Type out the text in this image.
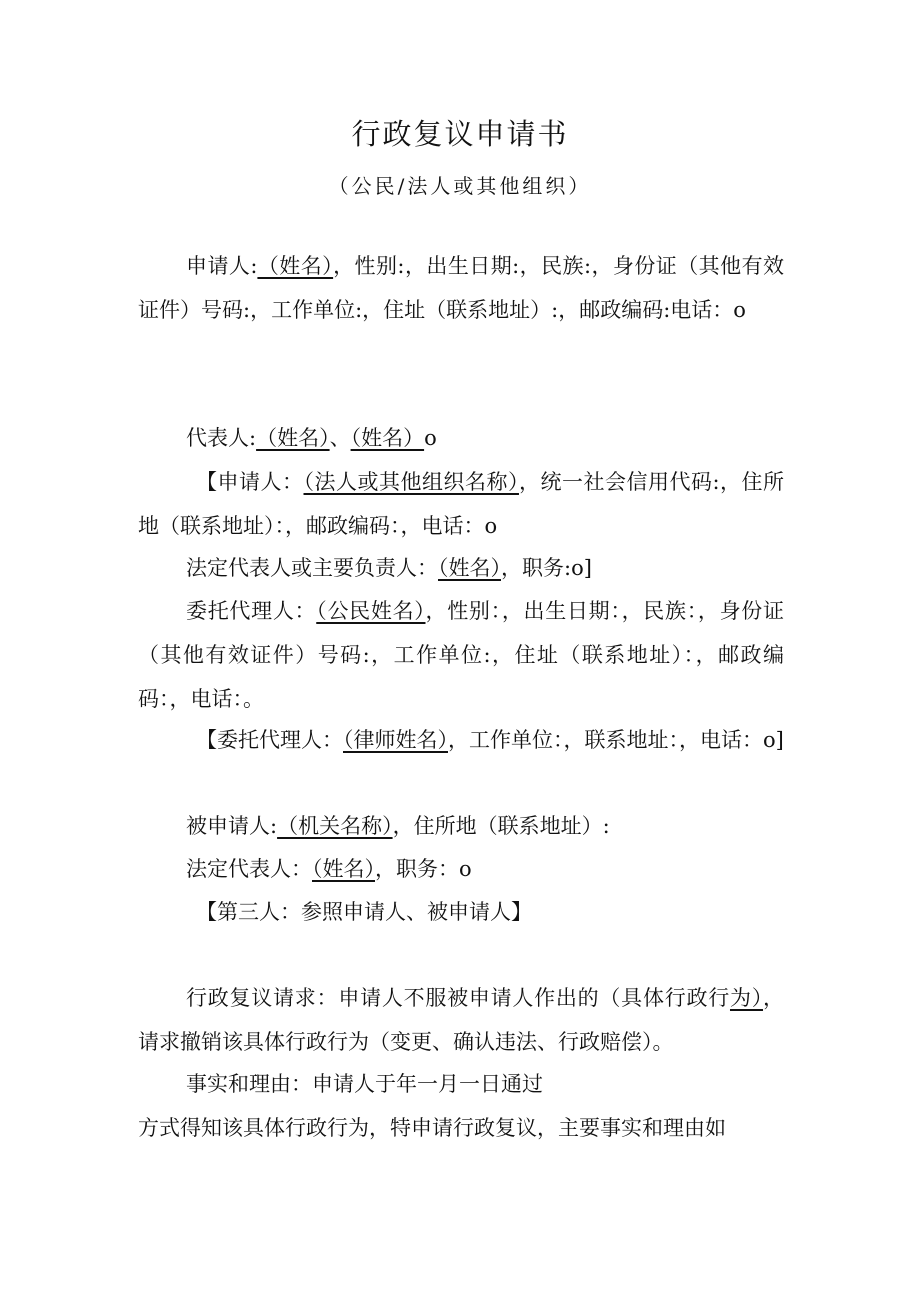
行政复议申请书
（公民/法人或其他组织）

申请人:（姓名），性别:，出生日期:，民族:，身份证（其他有效证件）号码:，工作单位:，住址（联系地址）:，邮政编码:电话：o

代表人:（姓名）、（姓名）o

【申请人：（法人或其他组织名称），统一社会信用代码:，住所地（联系地址）：，邮政编码：，电话：o

法定代表人或主要负责人：（姓名），职务:o]

委托代理人：（公民姓名），性别：，出生日期：，民族：，身份证（其他有效证件）号码:，工作单位:，住址（联系地址）：，邮政编码：，电话：。

【委托代理人：（律师姓名），工作单位：，联系地址：，电话：o]

被申请人:（机关名称），住所地（联系地址）:

法定代表人：（姓名），职务：o

【第三人：参照申请人、被申请人】

行政复议请求：申请人不服被申请人作出的（具体行政行为），请求撤销该具体行政行为（变更、确认违法、行政赔偿）。

事实和理由：申请人于年一月一日通过

方式得知该具体行政行为，特申请行政复议，主要事实和理由如
